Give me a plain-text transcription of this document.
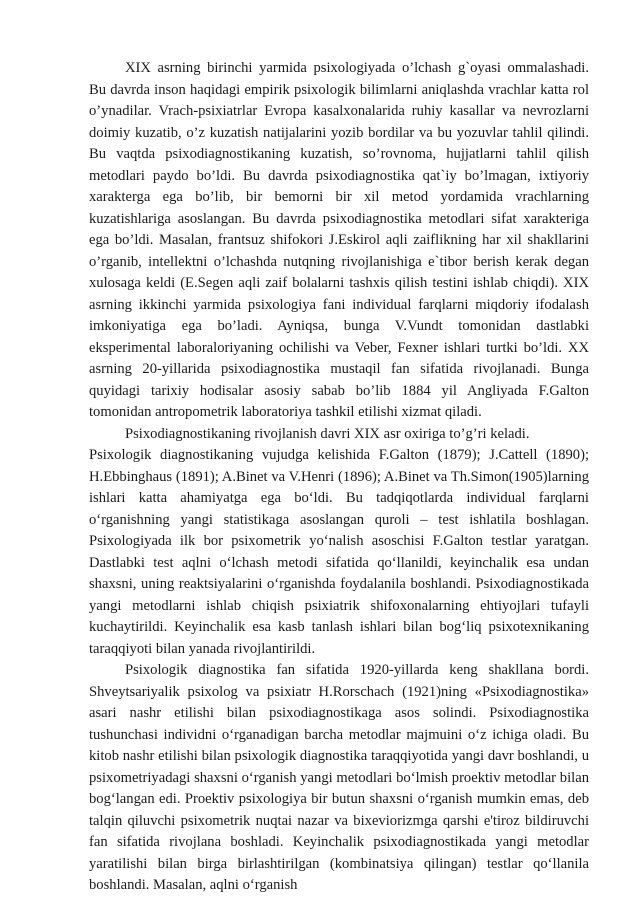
XIX asrning birinchi yarmida psixologiyada o’lchash g`oyasi ommalashadi. Bu davrda inson haqidagi empirik psixologik bilimlarni aniqlashda vrachlar katta rol o’ynadilar. Vrach-psixiatrlar Evropa kasalxonalarida ruhiy kasallar va nevrozlarni doimiy kuzatib, o’z kuzatish natijalarini yozib bordilar va bu yozuvlar tahlil qilindi. Bu vaqtda psixodiagnostikaning kuzatish, so’rovnoma, hujjatlarni tahlil qilish metodlari paydo bo’ldi. Bu davrda psixodiagnostika qat`iy bo’lmagan, ixtiyoriy xarakterga ega bo’lib, bir bemorni bir xil metod yordamida vrachlarning kuzatishlariga asoslangan. Bu davrda psixodiagnostika metodlari sifat xarakteriga ega bo’ldi. Masalan, frantsuz shifokori J.Eskirol aqli zaiflikning har xil shakllarini o’rganib, intellektni o’lchashda nutqning rivojlanishiga e`tibor berish kerak degan xulosaga keldi (E.Segen aqli zaif bolalarni tashxis qilish testini ishlab chiqdi). XIX asrning ikkinchi yarmida psixologiya fani individual farqlarni miqdoriy ifodalash imkoniyatiga ega bo’ladi. Ayniqsa, bunga V.Vundt tomonidan dastlabki eksperimental laboraloriyaning ochilishi va Veber, Fexner ishlari turtki bo’ldi. XX asrning 20-yillarida psixodiagnostika mustaqil fan sifatida rivojlanadi. Bunga quyidagi tarixiy hodisalar asosiy sabab bo’lib 1884 yil Angliyada F.Galton tomonidan antropometrik laboratoriya tashkil etilishi xizmat qiladi.

Psixodiagnostikaning rivojlanish davri XIX asr oxiriga to’g’ri keladi.

Psixologik diagnostikaning vujudga kelishida F.Galton (1879); J.Cattell (1890); H.Ebbinghaus (1891); A.Binet va V.Henri (1896); A.Binet va Th.Simon(1905)larning ishlari katta ahamiyatga ega bo‘ldi. Bu tadqiqotlarda individual farqlarni o‘rganishning yangi statistikaga asoslangan quroli – test ishlatila boshlagan. Psixologiyada ilk bor psixometrik yo‘nalish asoschisi F.Galton testlar yaratgan. Dastlabki test aqlni o‘lchash metodi sifatida qo‘llanildi, keyinchalik esa undan shaxsni, uning reaktsiyalarini o‘rganishda foydalanila boshlandi. Psixodiagnostikada yangi metodlarni ishlab chiqish psixiatrik shifoxonalarning ehtiyojlari tufayli kuchaytirildi. Keyinchalik esa kasb tanlash ishlari bilan bog‘liq psixotexnikaning taraqqiyoti bilan yanada rivojlantirildi.

Psixologik diagnostika fan sifatida 1920-yillarda keng shakllana bordi. Shveytsariyalik psixolog va psixiatr H.Rorschach (1921)ning «Psixodiagnostika» asari nashr etilishi bilan psixodiagnostikaga asos solindi. Psixodiagnostika tushunchasi individni o‘rganadigan barcha metodlar majmuini o‘z ichiga oladi. Bu kitob nashr etilishi bilan psixologik diagnostika taraqqiyotida yangi davr boshlandi, u psixometriyadagi shaxsni o‘rganish yangi metodlari bo‘lmish proektiv metodlar bilan bog‘langan edi. Proektiv psixologiya bir butun shaxsni o‘rganish mumkin emas, deb talqin qiluvchi psixometrik nuqtai nazar va bixeviorizmga qarshi e'tiroz bildiruvchi fan sifatida rivojlana boshladi. Keyinchalik psixodiagnostikada yangi metodlar yaratilishi bilan birga birlashtirilgan (kombinatsiya qilingan) testlar qo‘llanila boshlandi. Masalan, aqlni o‘rganish
